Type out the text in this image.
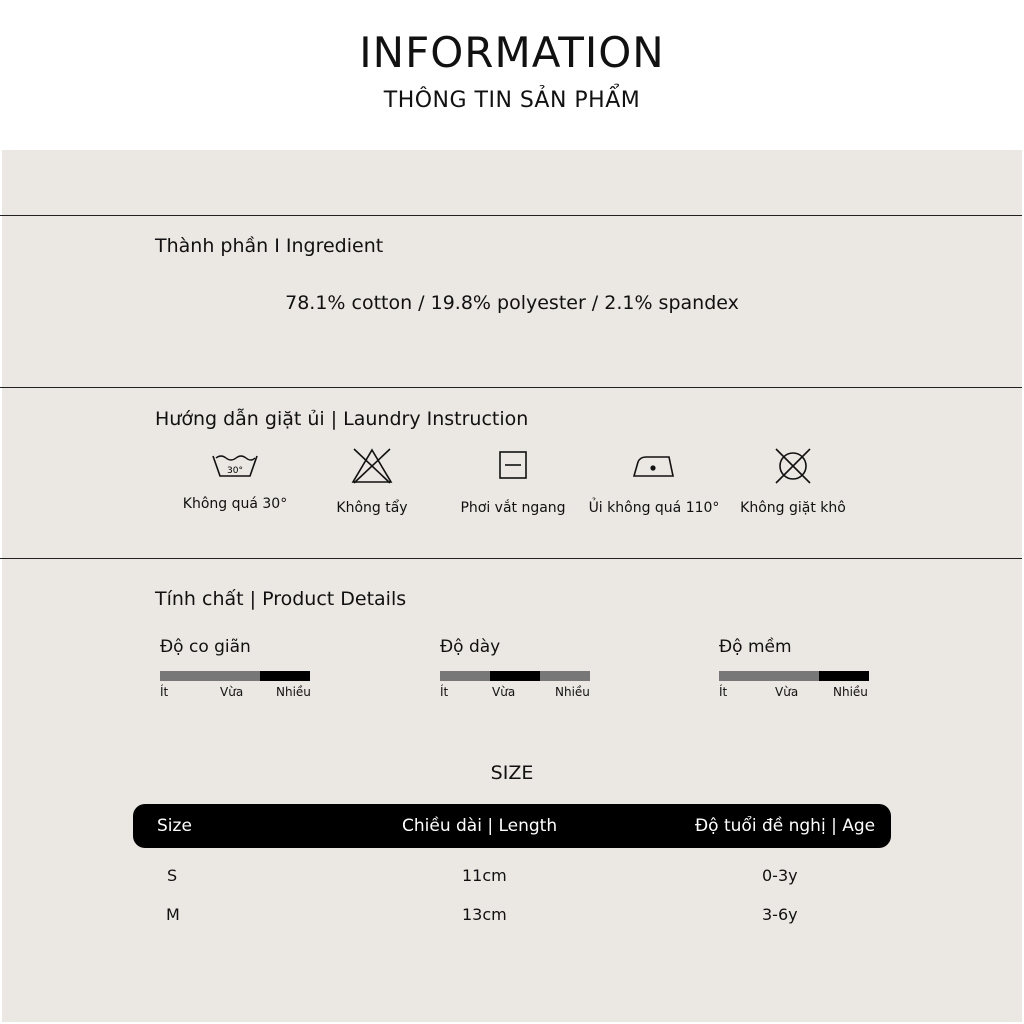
INFORMATION
THÔNG TIN SẢN PHẨM
Thành phần I Ingredient
78.1% cotton / 19.8% polyester / 2.1% spandex
Hướng dẫn giặt ủi | Laundry Instruction
30°
Không quá 30°	Không tẩy	Phơi vắt ngang	Ủi không quá 110°	Không giặt khô
Tính chất | Product Details
Độ co giãn
Ít	Vừa	Nhiều
Độ dày
Ít	Vừa	Nhiều
Độ mềm
Ít	Vừa	Nhiều
SIZE
Size	Chiều dài | Length	Độ tuổi đề nghị | Age
S	11cm	0-3y
M	13cm	3-6y
